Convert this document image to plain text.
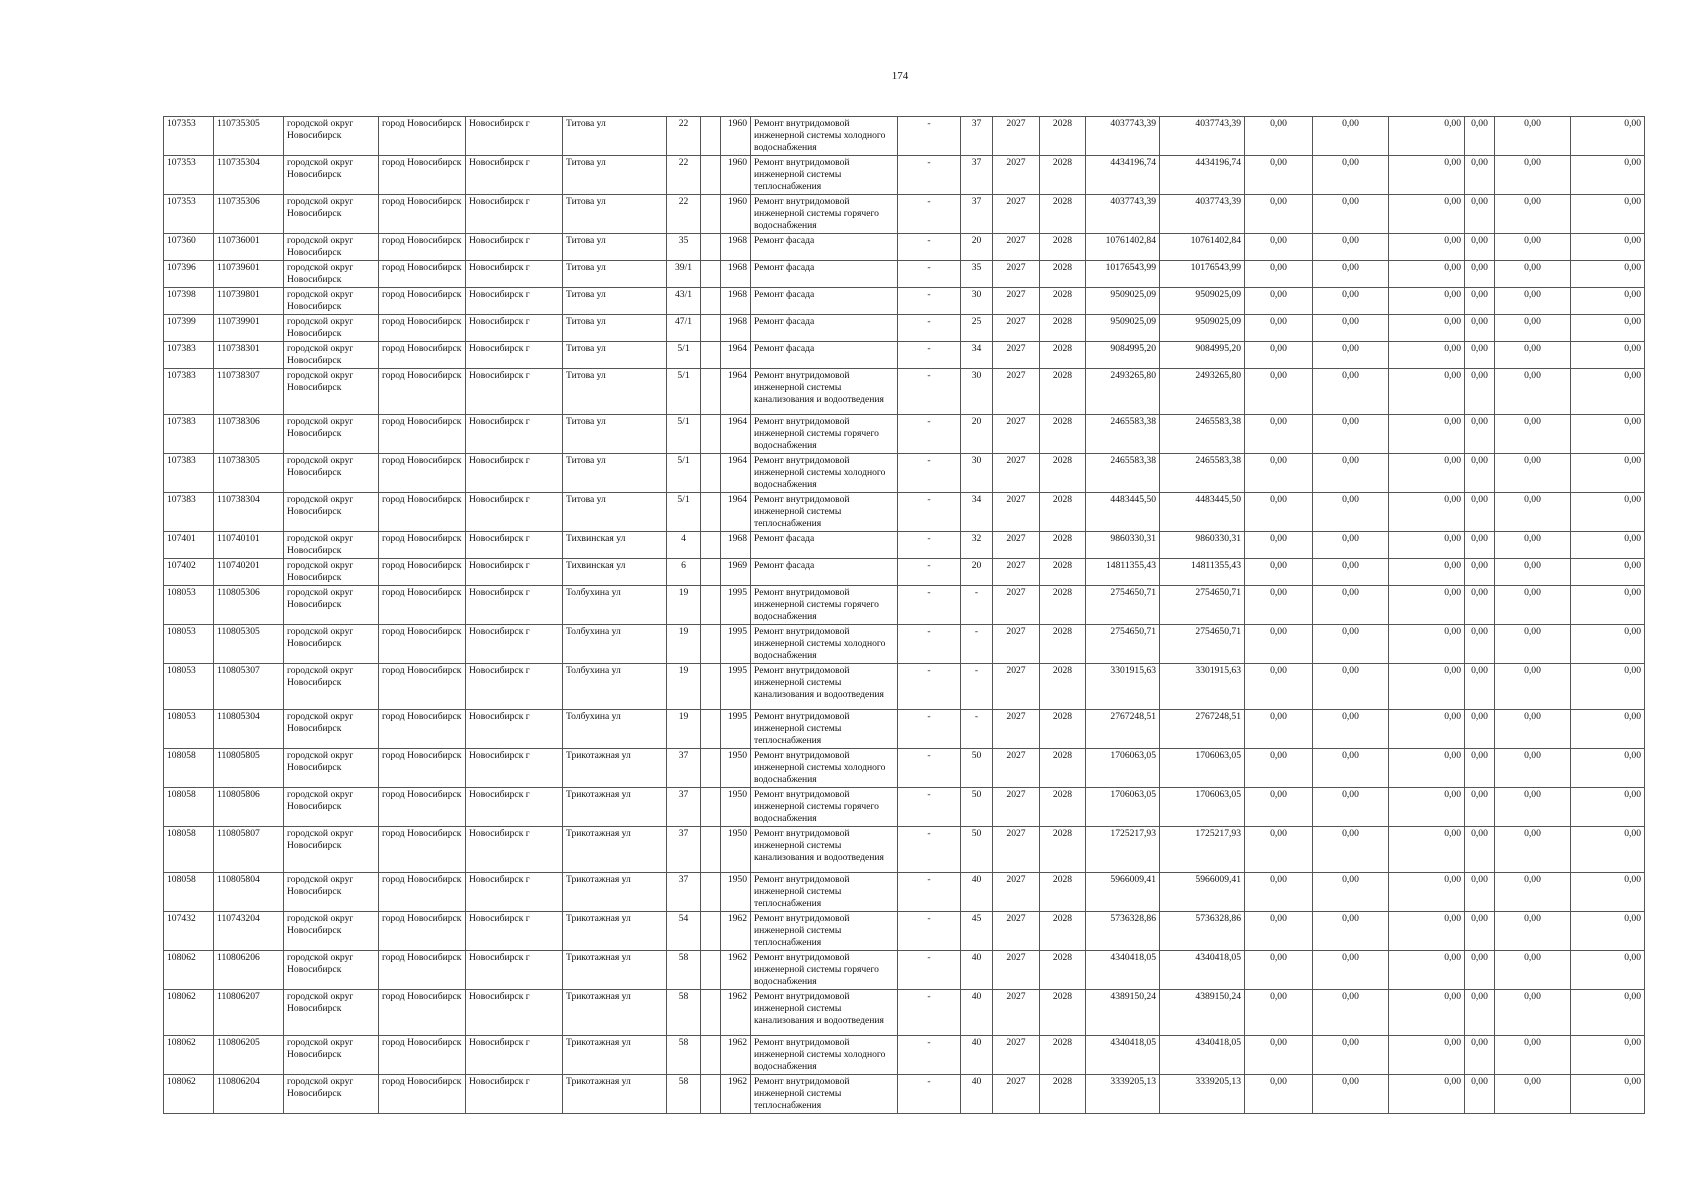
174
107353	110735305	городской округ Новосибирск	город Новосибирск	Новосибирск г	Титова ул	22		1960	Ремонт внутридомовой инженерной системы холодного водоснабжения	-	37	2027	2028	4037743,39	4037743,39	0,00	0,00	0,00	0,00	0,00	0,00
107353	110735304	городской округ Новосибирск	город Новосибирск	Новосибирск г	Титова ул	22		1960	Ремонт внутридомовой инженерной системы теплоснабжения	-	37	2027	2028	4434196,74	4434196,74	0,00	0,00	0,00	0,00	0,00	0,00
107353	110735306	городской округ Новосибирск	город Новосибирск	Новосибирск г	Титова ул	22		1960	Ремонт внутридомовой инженерной системы горячего водоснабжения	-	37	2027	2028	4037743,39	4037743,39	0,00	0,00	0,00	0,00	0,00	0,00
107360	110736001	городской округ Новосибирск	город Новосибирск	Новосибирск г	Титова ул	35		1968	Ремонт фасада	-	20	2027	2028	10761402,84	10761402,84	0,00	0,00	0,00	0,00	0,00	0,00
107396	110739601	городской округ Новосибирск	город Новосибирск	Новосибирск г	Титова ул	39/1		1968	Ремонт фасада	-	35	2027	2028	10176543,99	10176543,99	0,00	0,00	0,00	0,00	0,00	0,00
107398	110739801	городской округ Новосибирск	город Новосибирск	Новосибирск г	Титова ул	43/1		1968	Ремонт фасада	-	30	2027	2028	9509025,09	9509025,09	0,00	0,00	0,00	0,00	0,00	0,00
107399	110739901	городской округ Новосибирск	город Новосибирск	Новосибирск г	Титова ул	47/1		1968	Ремонт фасада	-	25	2027	2028	9509025,09	9509025,09	0,00	0,00	0,00	0,00	0,00	0,00
107383	110738301	городской округ Новосибирск	город Новосибирск	Новосибирск г	Титова ул	5/1		1964	Ремонт фасада	-	34	2027	2028	9084995,20	9084995,20	0,00	0,00	0,00	0,00	0,00	0,00
107383	110738307	городской округ Новосибирск	город Новосибирск	Новосибирск г	Титова ул	5/1		1964	Ремонт внутридомовой инженерной системы канализования и водоотведения	-	30	2027	2028	2493265,80	2493265,80	0,00	0,00	0,00	0,00	0,00	0,00
107383	110738306	городской округ Новосибирск	город Новосибирск	Новосибирск г	Титова ул	5/1		1964	Ремонт внутридомовой инженерной системы горячего водоснабжения	-	20	2027	2028	2465583,38	2465583,38	0,00	0,00	0,00	0,00	0,00	0,00
107383	110738305	городской округ Новосибирск	город Новосибирск	Новосибирск г	Титова ул	5/1		1964	Ремонт внутридомовой инженерной системы холодного водоснабжения	-	30	2027	2028	2465583,38	2465583,38	0,00	0,00	0,00	0,00	0,00	0,00
107383	110738304	городской округ Новосибирск	город Новосибирск	Новосибирск г	Титова ул	5/1		1964	Ремонт внутридомовой инженерной системы теплоснабжения	-	34	2027	2028	4483445,50	4483445,50	0,00	0,00	0,00	0,00	0,00	0,00
107401	110740101	городской округ Новосибирск	город Новосибирск	Новосибирск г	Тихвинская ул	4		1968	Ремонт фасада	-	32	2027	2028	9860330,31	9860330,31	0,00	0,00	0,00	0,00	0,00	0,00
107402	110740201	городской округ Новосибирск	город Новосибирск	Новосибирск г	Тихвинская ул	6		1969	Ремонт фасада	-	20	2027	2028	14811355,43	14811355,43	0,00	0,00	0,00	0,00	0,00	0,00
108053	110805306	городской округ Новосибирск	город Новосибирск	Новосибирск г	Толбухина ул	19		1995	Ремонт внутридомовой инженерной системы горячего водоснабжения	-	-	2027	2028	2754650,71	2754650,71	0,00	0,00	0,00	0,00	0,00	0,00
108053	110805305	городской округ Новосибирск	город Новосибирск	Новосибирск г	Толбухина ул	19		1995	Ремонт внутридомовой инженерной системы холодного водоснабжения	-	-	2027	2028	2754650,71	2754650,71	0,00	0,00	0,00	0,00	0,00	0,00
108053	110805307	городской округ Новосибирск	город Новосибирск	Новосибирск г	Толбухина ул	19		1995	Ремонт внутридомовой инженерной системы канализования и водоотведения	-	-	2027	2028	3301915,63	3301915,63	0,00	0,00	0,00	0,00	0,00	0,00
108053	110805304	городской округ Новосибирск	город Новосибирск	Новосибирск г	Толбухина ул	19		1995	Ремонт внутридомовой инженерной системы теплоснабжения	-	-	2027	2028	2767248,51	2767248,51	0,00	0,00	0,00	0,00	0,00	0,00
108058	110805805	городской округ Новосибирск	город Новосибирск	Новосибирск г	Трикотажная ул	37		1950	Ремонт внутридомовой инженерной системы холодного водоснабжения	-	50	2027	2028	1706063,05	1706063,05	0,00	0,00	0,00	0,00	0,00	0,00
108058	110805806	городской округ Новосибирск	город Новосибирск	Новосибирск г	Трикотажная ул	37		1950	Ремонт внутридомовой инженерной системы горячего водоснабжения	-	50	2027	2028	1706063,05	1706063,05	0,00	0,00	0,00	0,00	0,00	0,00
108058	110805807	городской округ Новосибирск	город Новосибирск	Новосибирск г	Трикотажная ул	37		1950	Ремонт внутридомовой инженерной системы канализования и водоотведения	-	50	2027	2028	1725217,93	1725217,93	0,00	0,00	0,00	0,00	0,00	0,00
108058	110805804	городской округ Новосибирск	город Новосибирск	Новосибирск г	Трикотажная ул	37		1950	Ремонт внутридомовой инженерной системы теплоснабжения	-	40	2027	2028	5966009,41	5966009,41	0,00	0,00	0,00	0,00	0,00	0,00
107432	110743204	городской округ Новосибирск	город Новосибирск	Новосибирск г	Трикотажная ул	54		1962	Ремонт внутридомовой инженерной системы теплоснабжения	-	45	2027	2028	5736328,86	5736328,86	0,00	0,00	0,00	0,00	0,00	0,00
108062	110806206	городской округ Новосибирск	город Новосибирск	Новосибирск г	Трикотажная ул	58		1962	Ремонт внутридомовой инженерной системы горячего водоснабжения	-	40	2027	2028	4340418,05	4340418,05	0,00	0,00	0,00	0,00	0,00	0,00
108062	110806207	городской округ Новосибирск	город Новосибирск	Новосибирск г	Трикотажная ул	58		1962	Ремонт внутридомовой инженерной системы канализования и водоотведения	-	40	2027	2028	4389150,24	4389150,24	0,00	0,00	0,00	0,00	0,00	0,00
108062	110806205	городской округ Новосибирск	город Новосибирск	Новосибирск г	Трикотажная ул	58		1962	Ремонт внутридомовой инженерной системы холодного водоснабжения	-	40	2027	2028	4340418,05	4340418,05	0,00	0,00	0,00	0,00	0,00	0,00
108062	110806204	городской округ Новосибирск	город Новосибирск	Новосибирск г	Трикотажная ул	58		1962	Ремонт внутридомовой инженерной системы теплоснабжения	-	40	2027	2028	3339205,13	3339205,13	0,00	0,00	0,00	0,00	0,00	0,00
